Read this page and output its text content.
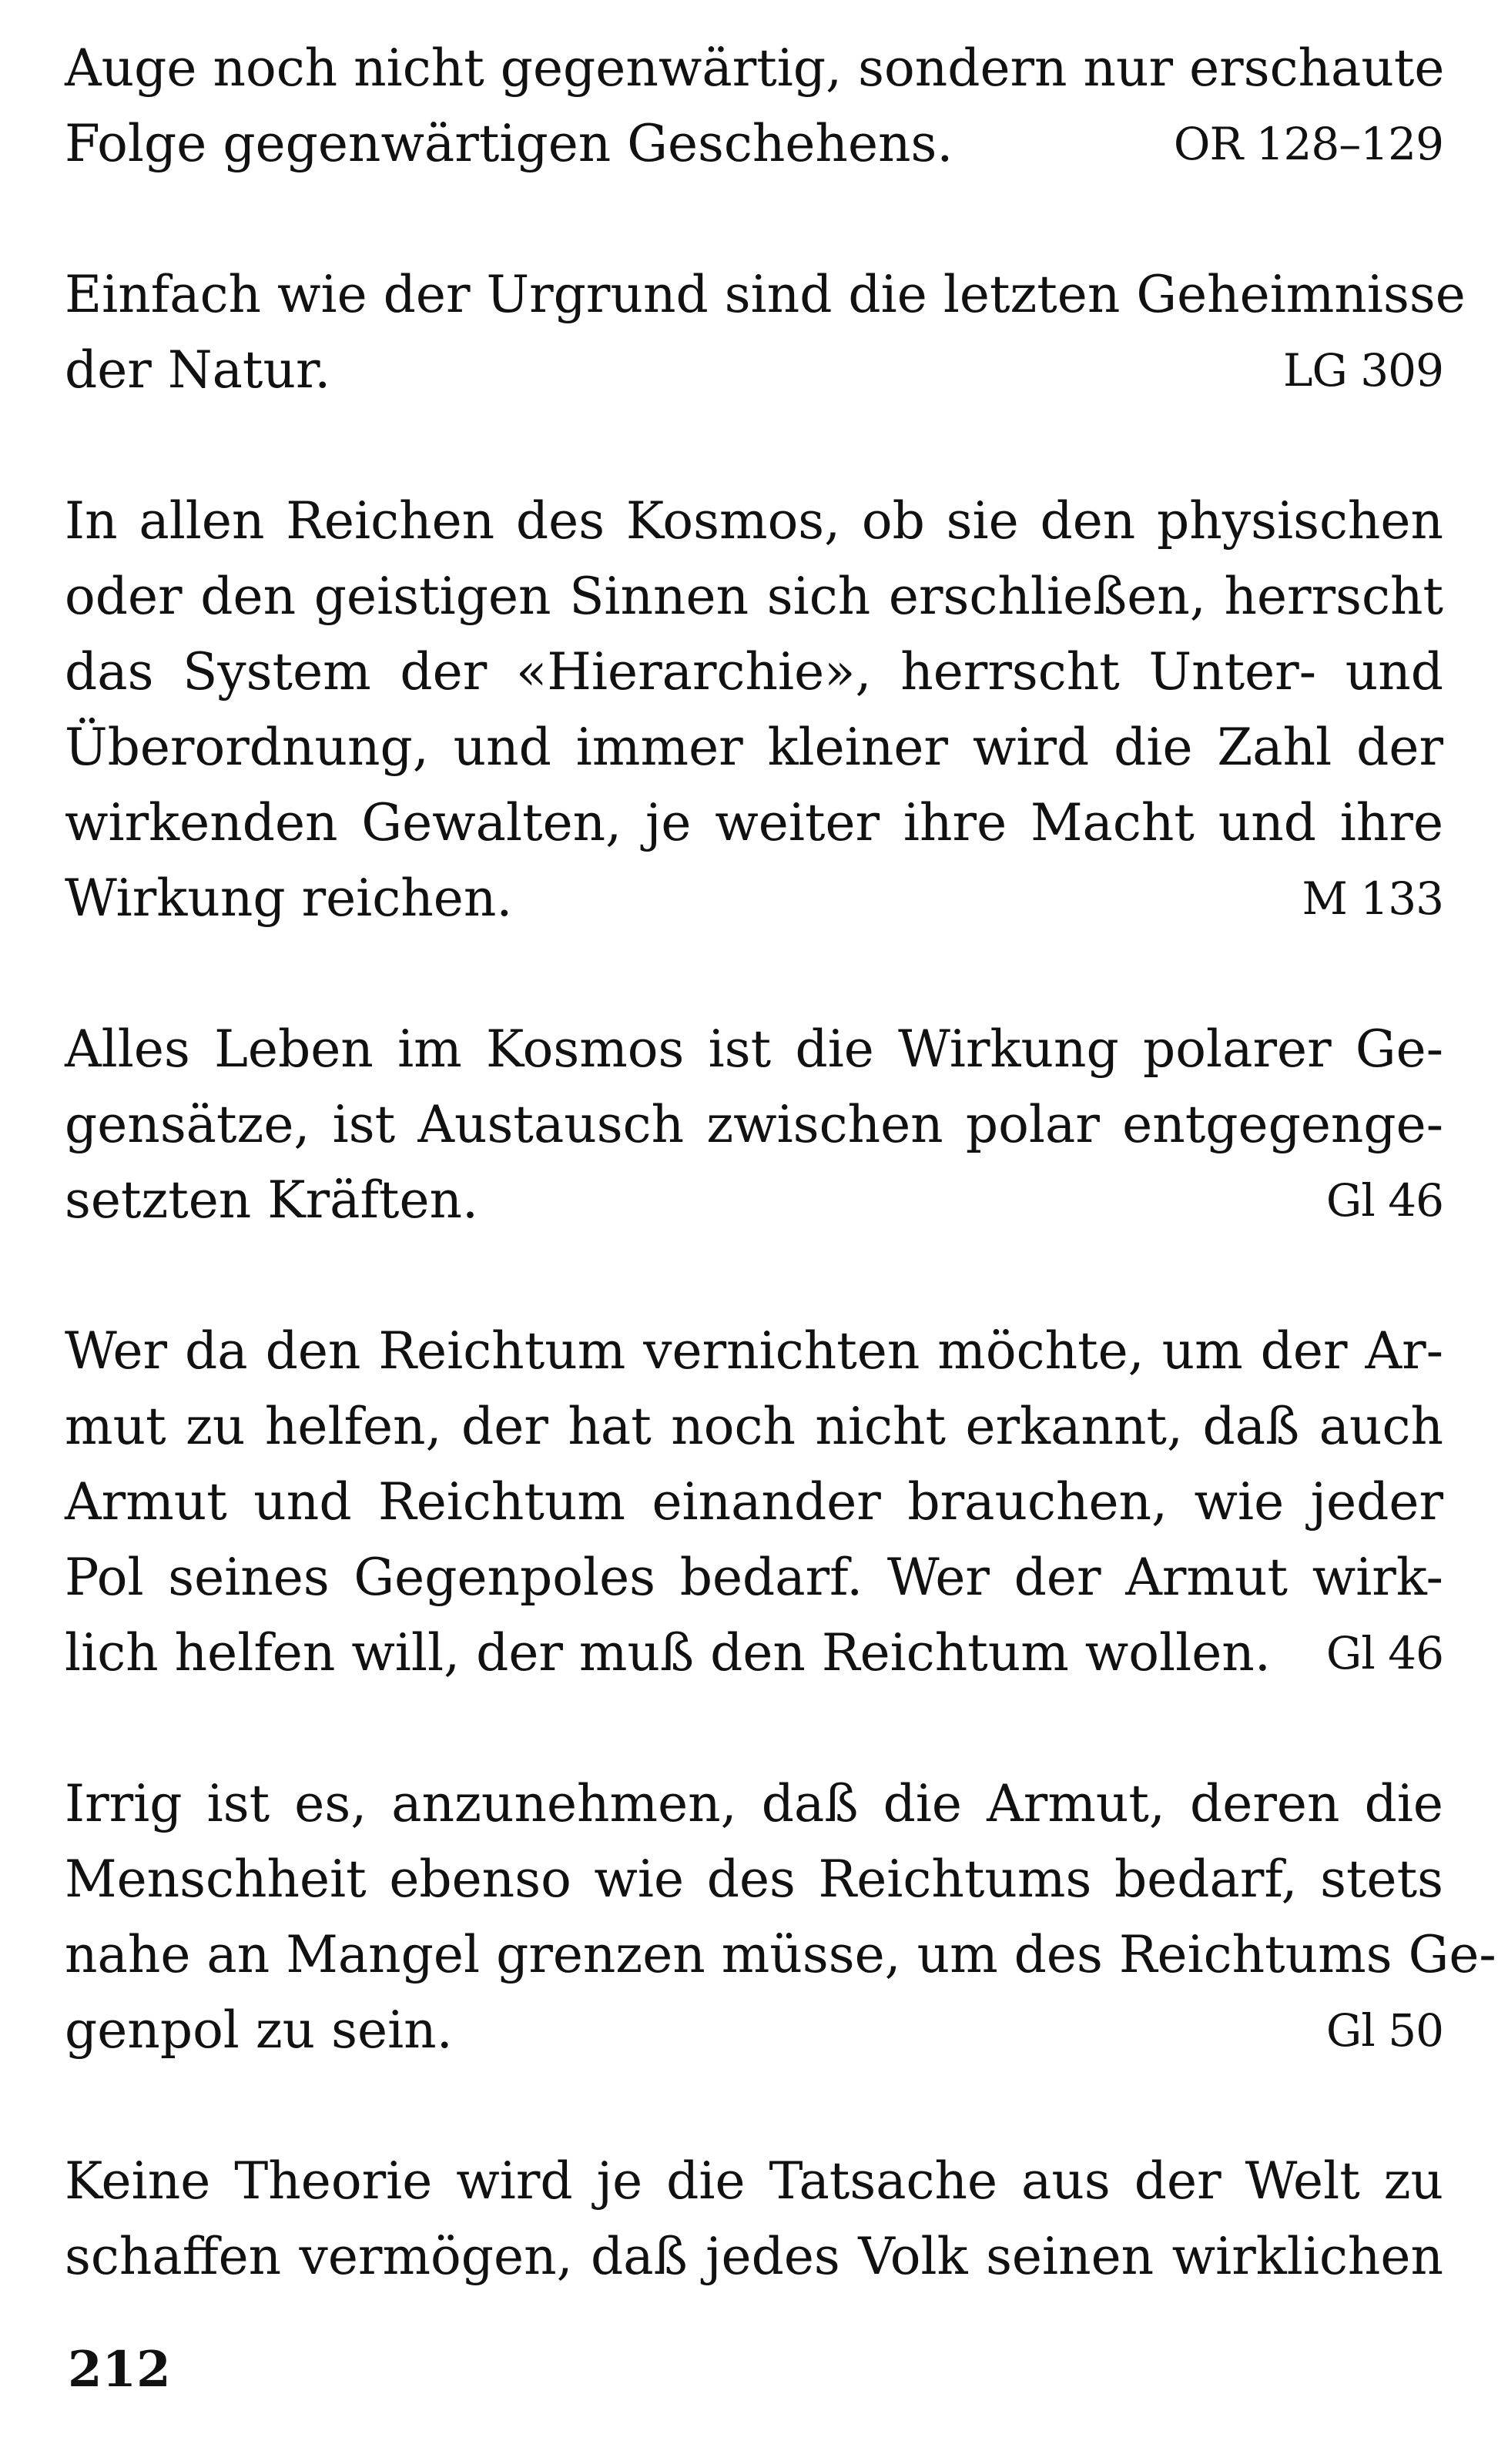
Auge noch nicht gegenwärtig, sondern nur erschaute
Folge gegenwärtigen Geschehens.	OR 128–129
Einfach wie der Urgrund sind die letzten Geheimnisse
der Natur.	LG 309
In allen Reichen des Kosmos, ob sie den physischen
oder den geistigen Sinnen sich erschließen, herrscht
das System der «Hierarchie», herrscht Unter- und
Überordnung, und immer kleiner wird die Zahl der
wirkenden Gewalten, je weiter ihre Macht und ihre
Wirkung reichen.	M 133
Alles Leben im Kosmos ist die Wirkung polarer Ge-
gensätze, ist Austausch zwischen polar entgegenge-
setzten Kräften.	Gl 46
Wer da den Reichtum vernichten möchte, um der Ar-
mut zu helfen, der hat noch nicht erkannt, daß auch
Armut und Reichtum einander brauchen, wie jeder
Pol seines Gegenpoles bedarf. Wer der Armut wirk-
lich helfen will, der muß den Reichtum wollen. Gl 46
Irrig ist es, anzunehmen, daß die Armut, deren die
Menschheit ebenso wie des Reichtums bedarf, stets
nahe an Mangel grenzen müsse, um des Reichtums Ge-
genpol zu sein.	Gl 50
Keine Theorie wird je die Tatsache aus der Welt zu
schaffen vermögen, daß jedes Volk seinen wirklichen
212
